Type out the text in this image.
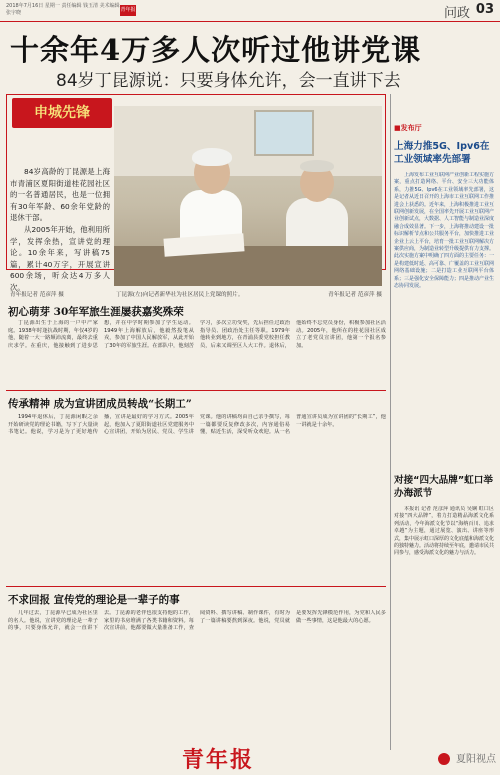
2018年7月16日 星期一 责任编辑 钱玉清 美术编辑 张宇晓	青年报	问政 03
十余年4万多人次听过他讲党课
84岁丁昆源说：只要身体允许，会一直讲下去
申城先锋

84岁高龄的丁昆源是上海市青浦区夏阳街道桂花园社区的一名普通居民，也是一位拥有30年军龄、60余年党龄的退休干部。

从2005年开始，他利用所学，发挥余热，宣讲党的理论。10余年来，写讲稿75篇，累计40万字，开展宣讲600余场，听众达4万多人次。

青年报记者 范彦萍 摄	丁昆源(左)向记者新华社为社区居民上党课的照片。	青年报记者 范彦萍 摄
初心萌芽 30年军旅生涯屡获嘉奖殊荣
丁昆源出生于上海的一户中产家庭。1938年时逢抗战时期，年仅4岁的他，随着一大一路颠沛流离，最终去重庆求学。在重庆，他接触到了进步思想，并在中学时期参加了学生运动。1949年上海解放后，他毅然投笔从戎，参加了中国人民解放军，从此开始了30年的军旅生涯。在部队中，他刻苦学习，多次立功受奖，先后担任过政治指导员、团政治处主任等职。1979年他转业到地方，在青浦县委党校担任教员，后来又调至区人大工作。退休后，他始终不忘党员身份，积极参加社区活动。2005年，他所在的桂花园社区成立了老党员宣讲团，他第一个报名参加。
传承精神 成为宣讲团成员转战“长期工”
1994年退休后，丁昆源闲暇之余开始研读党的理论书籍，写下了大量读书笔记。他说，学习是为了更好地传播，宣讲是最好的学习方式。2005年起，他加入了夏阳街道社区党建服务中心宣讲团，开始为居民、党员、学生讲党课。他的讲稿均由自己亲手撰写，每一篇都要反复修改多次，内容通俗易懂，贴近生活，深受听众欢迎。从一名普通宣讲员成为宣讲团的“长期工”，他一讲就是十余年。
不求回报 宣传党的理论是一辈子的事
几年过去，丁昆源早已成为社区里的名人。他说，宣讲党的理论是一辈子的事，只要身体允许，就会一直讲下去。丁昆源的老伴也很支持他的工作，家里的书房堆满了各类书籍和资料。每次宣讲前，他都要做大量准备工作，查阅资料、撰写讲稿、制作课件，有时为了一篇讲稿要熬到深夜。他说，党员就是要发挥先锋模范作用，为党和人民多做一些事情，这是他最大的心愿。
■发布厅
上海力推5G、Ipv6在工业领域率先部署
上海发布工业互联网产业创新工程实施方案，重点打造网络、平台、安全三大功能体系，力推5G、Ipv6在工业领域率先部署，这是记者从近日召开的上海市工业互联网工作推进会上获悉的。近年来，上海积极推进工业互联网创新发展，在全国率先开展工业互联网产业创新试点，大数据、人工智能与制造业深度融合成效显著。下一步，上海将推动建设一批标识解析节点和公共服务平台，加快推进工业企业上云上平台，培育一批工业互联网解决方案供应商，为制造业转型升级提供有力支撑。此次实施方案中明确了四方面的主要任务：一是构建低时延、高可靠、广覆盖的工业互联网网络基础设施；二是打造工业互联网平台体系；三是强化安全保障能力；四是推动产业生态协同发展。
对接“四大品牌”虹口举办海派节
本报讯 记者 范彦萍 通讯员 吴娴 虹口区对接“四大品牌”，着力打造精品海派文化系列活动，今年海派文化节以“海纳百川、追求卓越”为主题，通过展览、演出、讲座等形式，集中展示虹口深厚的文化底蕴和海派文化的独特魅力。活动将持续至年底，邀请市民共同参与，感受海派文化的魅力与活力。
青年报	夏阳视点
